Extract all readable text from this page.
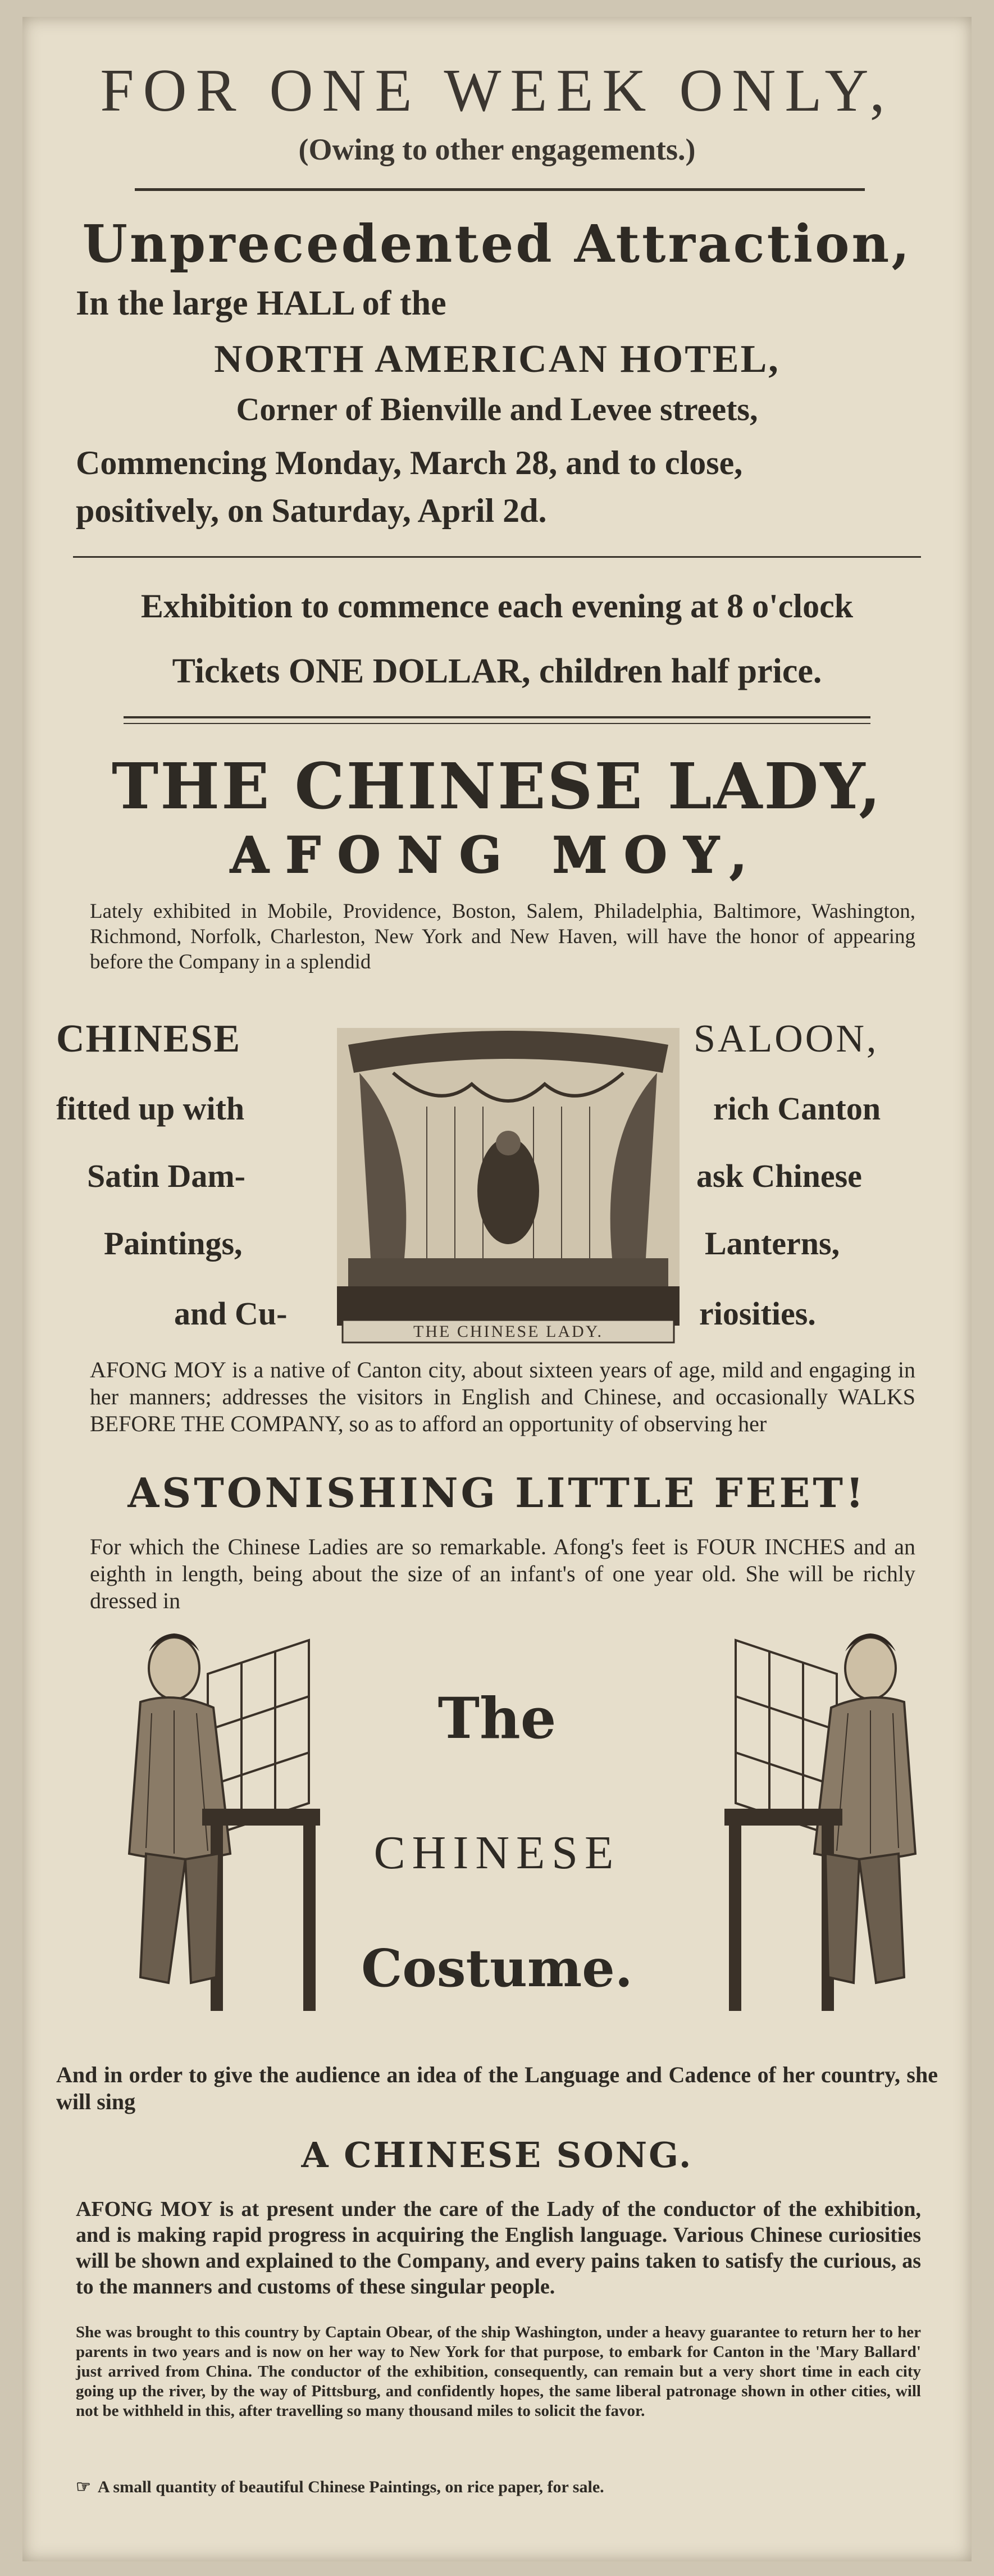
FOR ONE WEEK ONLY,
(Owing to other engagements.)
Unprecedented Attraction,
In the large HALL of the
NORTH AMERICAN HOTEL,
Corner of Bienville and Levee streets,
Commencing Monday, March 28, and to close,
positively, on Saturday, April 2d.
Exhibition to commence each evening at 8 o'clock
Tickets ONE DOLLAR, children half price.
THE CHINESE LADY,
AFONG MOY,
Lately exhibited in Mobile, Providence, Boston, Salem, Philadelphia, Baltimore, Washington, Richmond, Norfolk, Charleston, New York and New Haven, will have the honor of appearing before the Company in a splendid
CHINESE	SALOON,
fitted up with	rich Canton
Satin Dam-	ask Chinese
Paintings,	Lanterns,
and Cu-	riosities.
THE CHINESE LADY.
AFONG MOY is a native of Canton city, about sixteen years of age, mild and engaging in her manners; addresses the visitors in English and Chinese, and occasionally WALKS BEFORE THE COMPANY, so as to afford an opportunity of observing her
ASTONISHING LITTLE FEET!
For which the Chinese Ladies are so remarkable. Afong's feet is FOUR INCHES and an eighth in length, being about the size of an infant's of one year old. She will be richly dressed in
The
CHINESE
Costume.
And in order to give the audience an idea of the Language and Cadence of her country, she will sing
A CHINESE SONG.
AFONG MOY is at present under the care of the Lady of the conductor of the exhibition, and is making rapid progress in acquiring the English language. Various Chinese curiosities will be shown and explained to the Company, and every pains taken to satisfy the curious, as to the manners and customs of these singular people.
She was brought to this country by Captain Obear, of the ship Washington, under a heavy guarantee to return her to her parents in two years and is now on her way to New York for that purpose, to embark for Canton in the 'Mary Ballard' just arrived from China. The conductor of the exhibition, consequently, can remain but a very short time in each city going up the river, by the way of Pittsburg, and confidently hopes, the same liberal patronage shown in other cities, will not be withheld in this, after travelling so many thousand miles to solicit the favor.
☞ A small quantity of beautiful Chinese Paintings, on rice paper, for sale.
